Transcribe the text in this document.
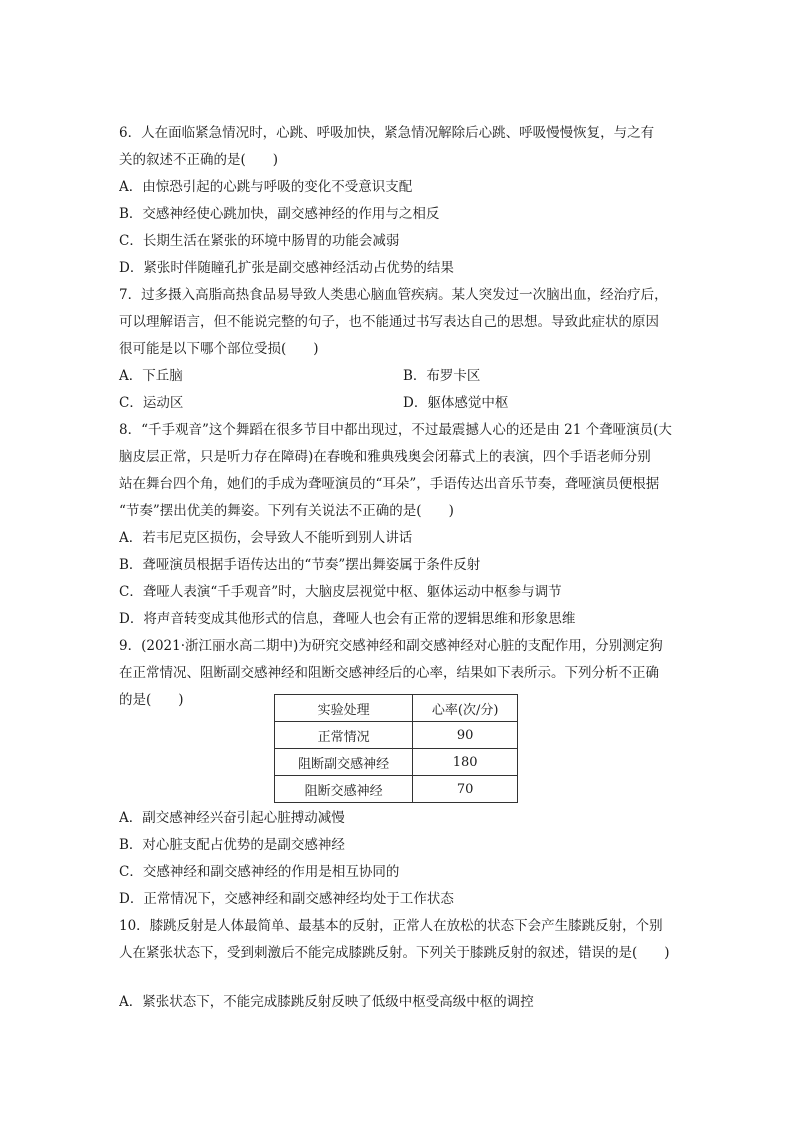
6．人在面临紧急情况时，心跳、呼吸加快，紧急情况解除后心跳、呼吸慢慢恢复，与之有
关的叙述不正确的是(　　)
A．由惊恐引起的心跳与呼吸的变化不受意识支配
B．交感神经使心跳加快，副交感神经的作用与之相反
C．长期生活在紧张的环境中肠胃的功能会减弱
D．紧张时伴随瞳孔扩张是副交感神经活动占优势的结果
7．过多摄入高脂高热食品易导致人类患心脑血管疾病。某人突发过一次脑出血，经治疗后，
可以理解语言，但不能说完整的句子，也不能通过书写表达自己的思想。导致此症状的原因
很可能是以下哪个部位受损(　　)
A．下丘脑	B．布罗卡区
C．运动区	D．躯体感觉中枢
8．“千手观音”这个舞蹈在很多节目中都出现过，不过最震撼人心的还是由 21 个聋哑演员(大
脑皮层正常，只是听力存在障碍)在春晚和雅典残奥会闭幕式上的表演，四个手语老师分别
站在舞台四个角，她们的手成为聋哑演员的“耳朵”，手语传达出音乐节奏，聋哑演员便根据
“节奏”摆出优美的舞姿。下列有关说法不正确的是(　　)
A．若韦尼克区损伤，会导致人不能听到别人讲话
B．聋哑演员根据手语传达出的“节奏”摆出舞姿属于条件反射
C．聋哑人表演“千手观音”时，大脑皮层视觉中枢、躯体运动中枢参与调节
D．将声音转变成其他形式的信息，聋哑人也会有正常的逻辑思维和形象思维
9．(2021·浙江丽水高二期中)为研究交感神经和副交感神经对心脏的支配作用，分别测定狗
在正常情况、阻断副交感神经和阻断交感神经后的心率，结果如下表所示。下列分析不正确
的是(　　)
实验处理	心率(次/分)
正常情况	90
阻断副交感神经	180
阻断交感神经	70
A．副交感神经兴奋引起心脏搏动减慢
B．对心脏支配占优势的是副交感神经
C．交感神经和副交感神经的作用是相互协同的
D．正常情况下，交感神经和副交感神经均处于工作状态
10．膝跳反射是人体最简单、最基本的反射，正常人在放松的状态下会产生膝跳反射，个别
人在紧张状态下，受到刺激后不能完成膝跳反射。下列关于膝跳反射的叙述，错误的是(　　)
A．紧张状态下，不能完成膝跳反射反映了低级中枢受高级中枢的调控
